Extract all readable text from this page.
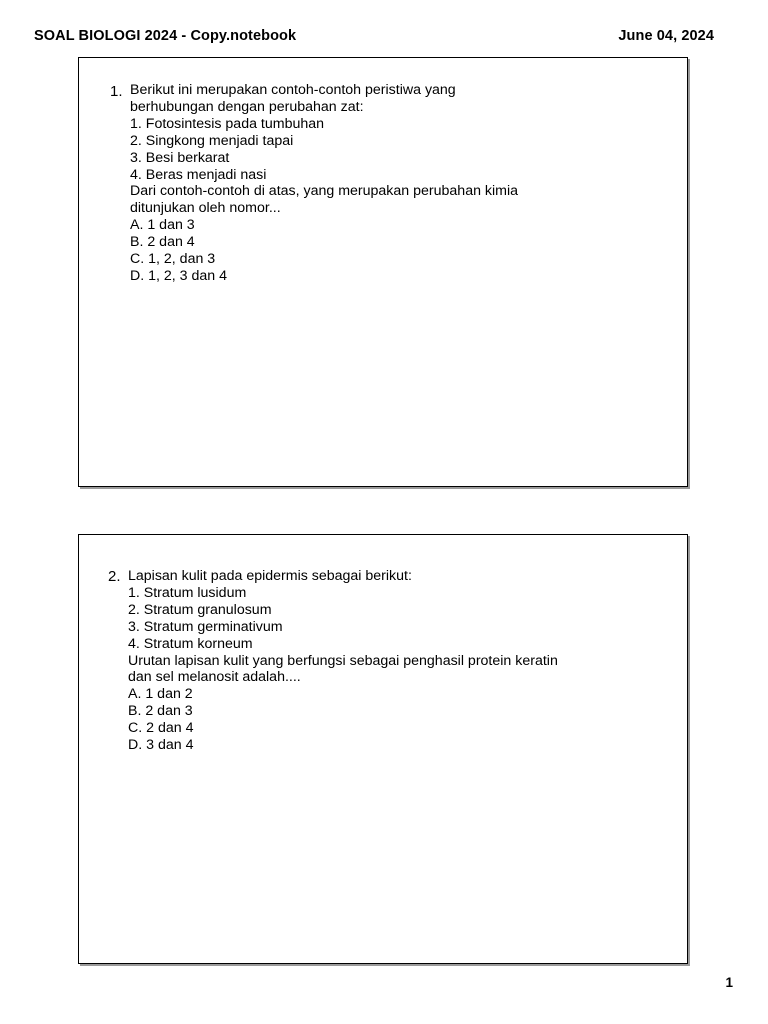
SOAL BIOLOGI 2024 - Copy.notebook	June 04, 2024
1. Berikut ini merupakan contoh-contoh peristiwa yang
berhubungan dengan perubahan zat:
1. Fotosintesis pada tumbuhan
2. Singkong menjadi tapai
3. Besi berkarat
4. Beras menjadi nasi
Dari contoh-contoh di atas, yang merupakan perubahan kimia
ditunjukan oleh nomor...
A. 1 dan 3
B. 2 dan 4
C. 1, 2, dan 3
D. 1, 2, 3 dan 4
2. Lapisan kulit pada epidermis sebagai berikut:
1. Stratum lusidum
2. Stratum granulosum
3. Stratum germinativum
4. Stratum korneum
Urutan lapisan kulit yang berfungsi sebagai penghasil protein keratin
dan sel melanosit adalah....
A. 1 dan 2
B. 2 dan 3
C. 2 dan 4
D. 3 dan 4
1
